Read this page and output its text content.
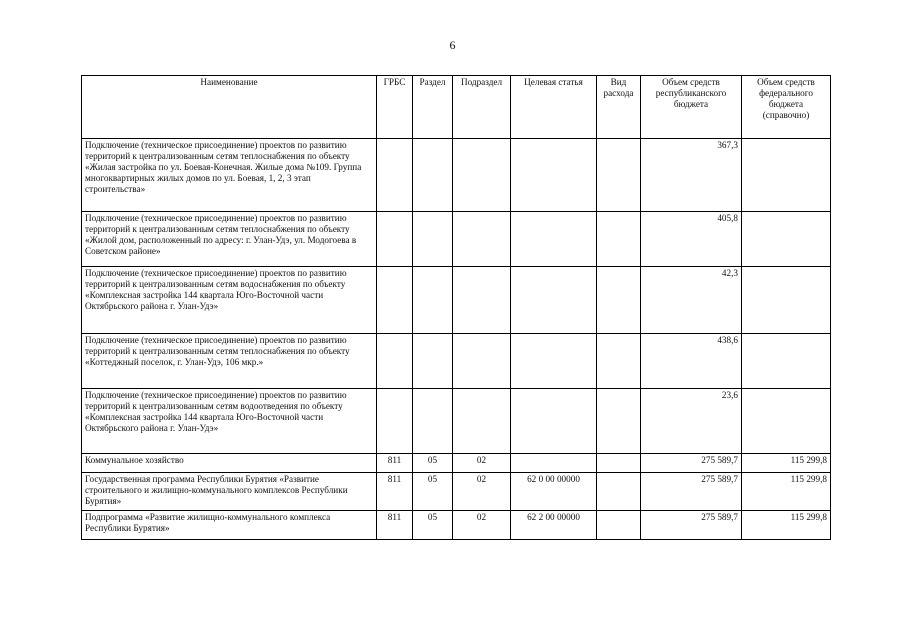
6
Наименование	ГРБС	Раздел	Подраздел	Целевая статья	Вид расхода	Объем средств республиканского бюджета	Объем средств федерального бюджета (справочно)
Подключение (техническое присоединение) проектов по развитию территорий к централизованным сетям теплоснабжения по объекту «Жилая застройка по ул. Боевая-Конечная. Жилые дома №109. Группа многоквартирных жилых домов по ул. Боевая, 1, 2, 3 этап строительства»						367,3	
Подключение (техническое присоединение) проектов по развитию территорий к централизованным сетям теплоснабжения по объекту «Жилой дом, расположенный по адресу: г. Улан-Удэ, ул. Модогоева в Советском районе»						405,8	
Подключение (техническое присоединение) проектов по развитию территорий к централизованным сетям водоснабжения по объекту «Комплексная застройка 144 квартала Юго-Восточной части Октябрьского района г. Улан-Удэ»						42,3	
Подключение (техническое присоединение) проектов по развитию территорий к централизованным сетям теплоснабжения по объекту «Коттеджный поселок, г. Улан-Удэ, 106 мкр.»						438,6	
Подключение (техническое присоединение) проектов по развитию территорий к централизованным сетям водоотведения по объекту «Комплексная застройка 144 квартала Юго-Восточной части Октябрьского района г. Улан-Удэ»						23,6	
Коммунальное хозяйство	811	05	02			275 589,7	115 299,8
Государственная программа Республики Бурятия «Развитие строительного и жилищно-коммунального комплексов Республики Бурятия»	811	05	02	62 0 00 00000		275 589,7	115 299,8
Подпрограмма «Развитие жилищно-коммунального комплекса Республики Бурятия»	811	05	02	62 2 00 00000		275 589,7	115 299,8
